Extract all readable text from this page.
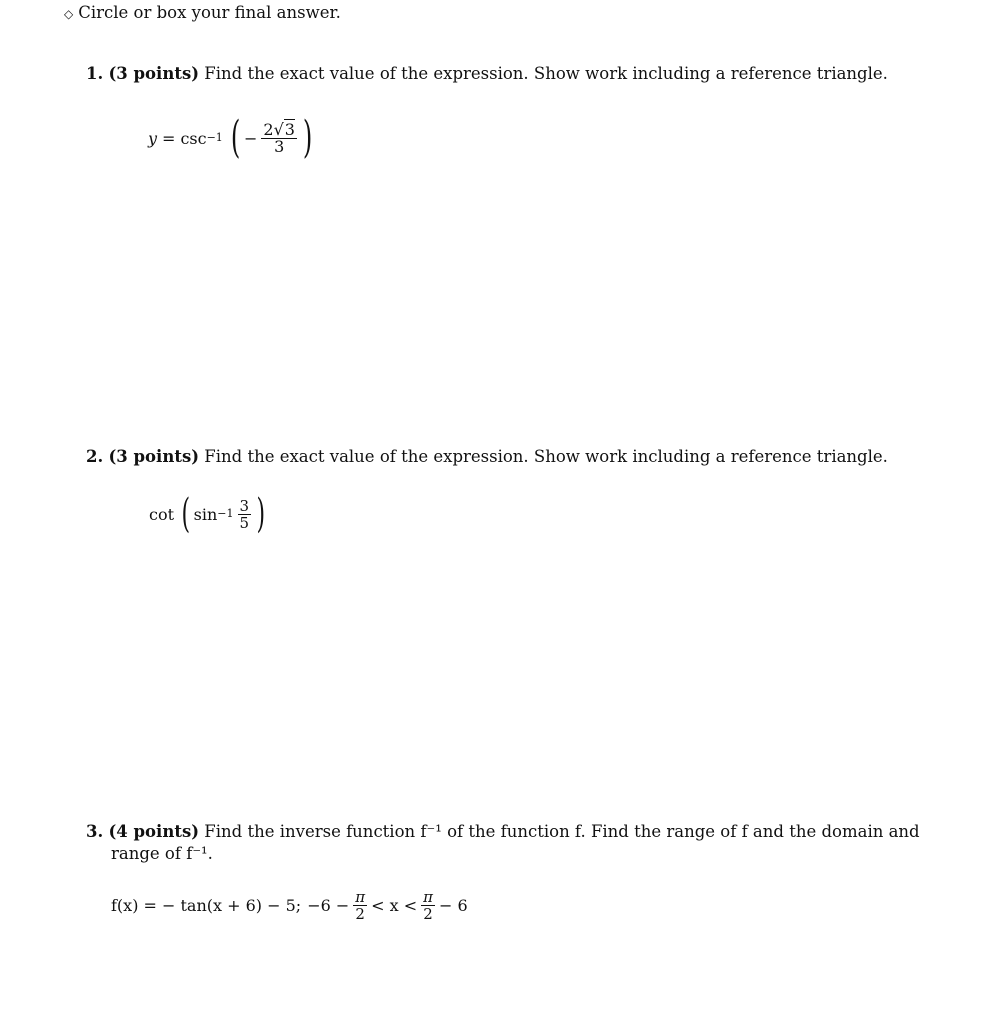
◇ Circle or box your final answer.
1. (3 points) Find the exact value of the expression. Show work including a reference triangle.
y = csc −1 ( − $\frac{2√3}{3}$ )
2. (3 points) Find the exact value of the expression. Show work including a reference triangle.
cot ( $\sin -1 \frac{3}{5}$ )
3. (4 points) Find the inverse function f⁻¹ of the function f. Find the range of f and the domain and
range of f⁻¹.
f(x) = − tan(x + 6) − 5; $-6 - \frac{\pi}{2} < x < \frac{\pi}{2} - 6$
